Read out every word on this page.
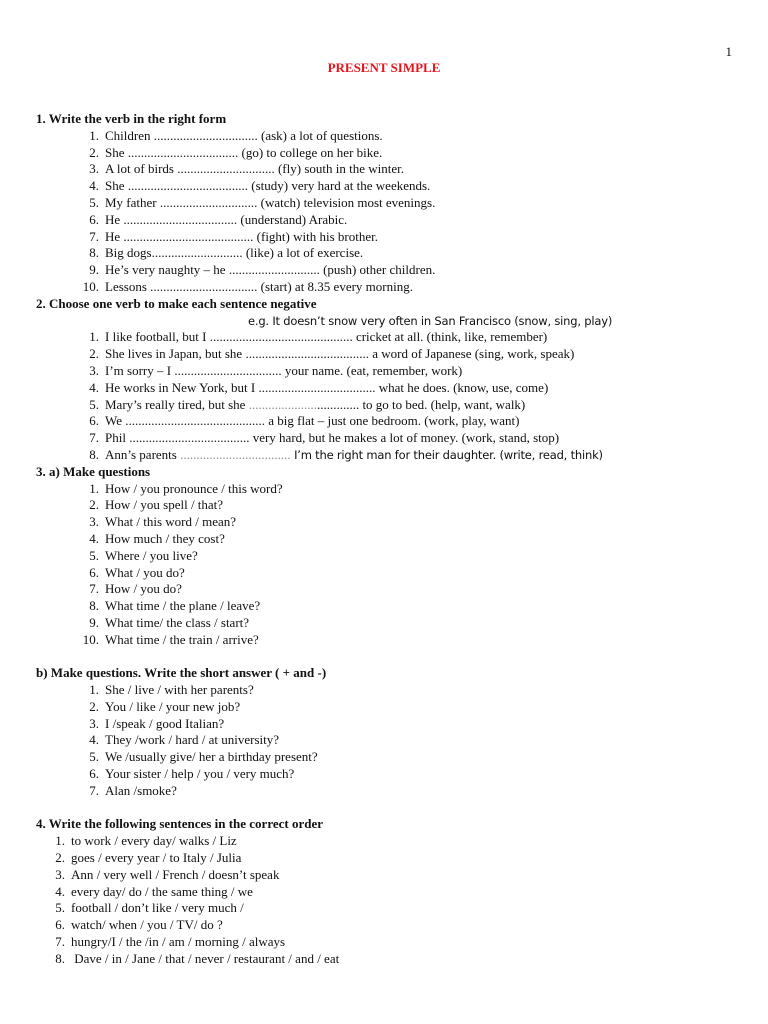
1
PRESENT SIMPLE
1. Write the verb in the right form
1. Children ................................ (ask) a lot of questions.
2. She .................................. (go) to college on her bike.
3. A lot of birds .............................. (fly) south in the winter.
4. She ..................................... (study) very hard at the weekends.
5. My father .............................. (watch) television most evenings.
6. He ................................... (understand) Arabic.
7. He ........................................ (fight) with his brother.
8. Big dogs............................ (like) a lot of exercise.
9. He’s very naughty – he ............................ (push) other children.
10. Lessons ................................. (start) at 8.35 every morning.
2. Choose one verb to make each sentence negative
e.g. It doesn’t snow very often in San Francisco (snow, sing, play)
1. I like football, but I ............................................ cricket at all. (think, like, remember)
2. She lives in Japan, but she ...................................... a word of Japanese (sing, work, speak)
3. I’m sorry – I ................................. your name. (eat, remember, work)
4. He works in New York, but I .................................... what he does. (know, use, come)
5. Mary’s really tired, but she ..................... ............. to go to bed. (help, want, walk)
6. We ........................................... a big flat – just one bedroom. (work, play, want)
7. Phil ..................................... very hard, but he makes a lot of money. (work, stand, stop)
8. Ann’s parents .................................. I’m the right man for their daughter. (write, read, think)
3. a) Make questions
1. How / you pronounce / this word?
2. How / you spell / that?
3. What / this word / mean?
4. How much / they cost?
5. Where / you live?
6. What / you do?
7. How / you do?
8. What time / the plane / leave?
9. What time/ the class / start?
10. What time / the train / arrive?
b) Make questions. Write the short answer ( + and -)
1. She / live / with her parents?
2. You / like / your new job?
3. I /speak / good Italian?
4. They /work / hard / at university?
5. We /usually give/ her a birthday present?
6. Your sister / help / you / very much?
7. Alan /smoke?
4. Write the following sentences in the correct order
1. to work / every day/ walks / Liz
2. goes / every year / to Italy / Julia
3. Ann / very well / French / doesn’t speak
4. every day/ do / the same thing / we
5. football / don’t like / very much /
6. watch/ when / you / TV/ do ?
7. hungry/I / the /in / am / morning / always
8. Dave / in / Jane / that / never / restaurant / and / eat
